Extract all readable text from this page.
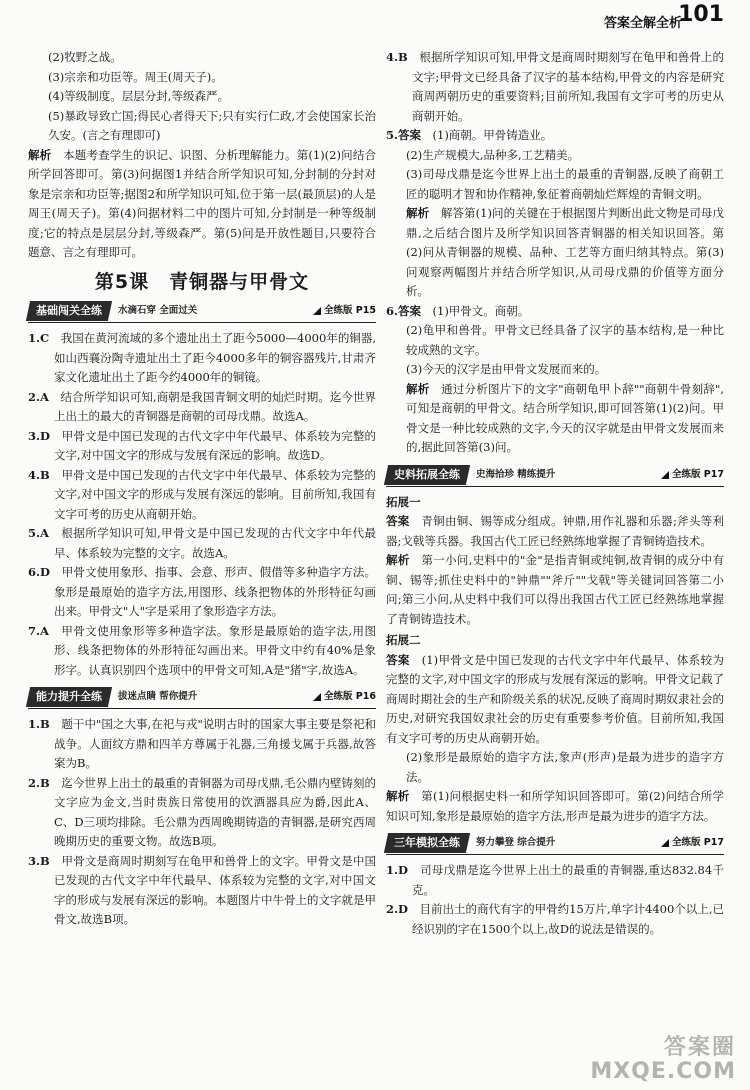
答案全解全析
101

(2)牧野之战。

(3)宗亲和功臣等。周王(周天子)。

(4)等级制度。层层分封,等级森严。

(5)暴政导致亡国;得民心者得天下;只有实行仁政,才会使国家长治久安。(言之有理即可)

解析　 本题考查学生的识记、识图、分析理解能力。第(1)(2)问结合所学回答即可。第(3)问据图1并结合所学知识可知,分封制的分封对象是宗亲和功臣等;据图2和所学知识可知,位于第一层(最顶层)的人是周王(周天子)。第(4)问据材料二中的图片可知,分封制是一种等级制度;它的特点是层层分封,等级森严。第(5)问是开放性题目,只要符合题意、言之有理即可。

第5课　青铜器与甲骨文
基础闯关全练	水滴石穿 全面过关	全练版 P15

1.C　 我国在黄河流域的多个遗址出土了距今5000—4000年的铜器,如山西襄汾陶寺遗址出土了距今4000多年的铜容器残片,甘肃齐家文化遗址出土了距今约4000年的铜镜。

2.A　 结合所学知识可知,商朝是我国青铜文明的灿烂时期。迄今世界上出土的最大的青铜器是商朝的司母戊鼎。故选A。

3.D　 甲骨文是中国已发现的古代文字中年代最早、体系较为完整的文字,对中国文字的形成与发展有深远的影响。故选D。

4.B　 甲骨文是中国已发现的古代文字中年代最早、体系较为完整的文字,对中国文字的形成与发展有深远的影响。目前所知,我国有文字可考的历史从商朝开始。

5.A　 根据所学知识可知,甲骨文是中国已发现的古代文字中年代最早、体系较为完整的文字。故选A。

6.D　 甲骨文使用象形、指事、会意、形声、假借等多种造字方法。象形是最原始的造字方法,用图形、线条把物体的外形特征勾画出来。甲骨文"人"字是采用了象形造字方法。

7.A　 甲骨文使用象形等多种造字法。象形是最原始的造字法,用图形、线条把物体的外形特征勾画出来。甲骨文中约有40%是象形字。认真识别四个选项中的甲骨文可知,A是"猪"字,故选A。

能力提升全练	拔迷点睛 帮你提升	全练版 P16

1.B　 题干中"国之大事,在祀与戎"说明古时的国家大事主要是祭祀和战争。人面纹方鼎和四羊方尊属于礼器,三角援戈属于兵器,故答案为B。

2.B　 迄今世界上出土的最重的青铜器为司母戊鼎,毛公鼎内壁铸刻的文字应为金文,当时贵族日常使用的饮酒器具应为爵,因此A、C、D三项均排除。毛公鼎为西周晚期铸造的青铜器,是研究西周晚期历史的重要文物。故选B项。

3.B　 甲骨文是商周时期刻写在龟甲和兽骨上的文字。甲骨文是中国已发现的古代文字中年代最早、体系较为完整的文字,对中国文字的形成与发展有深远的影响。本题图片中牛骨上的文字就是甲骨文,故选B项。

4.B　 根据所学知识可知,甲骨文是商周时期刻写在龟甲和兽骨上的文字;甲骨文已经具备了汉字的基本结构,甲骨文的内容是研究商周两朝历史的重要资料;目前所知,我国有文字可考的历史从商朝开始。

5.答案　 (1)商朝。甲骨铸造业。

(2)生产规模大,品种多,工艺精美。

(3)司母戊鼎是迄今世界上出土的最重的青铜器,反映了商朝工匠的聪明才智和协作精神,象征着商朝灿烂辉煌的青铜文明。

解析　 解答第(1)问的关键在于根据图片判断出此文物是司母戊鼎,之后结合图片及所学知识回答青铜器的相关知识回答。第(2)问从青铜器的规模、品种、工艺等方面归纳其特点。第(3)问观察两幅图片并结合所学知识,从司母戊鼎的价值等方面分析。

6.答案　 (1)甲骨文。商朝。

(2)龟甲和兽骨。甲骨文已经具备了汉字的基本结构,是一种比较成熟的文字。

(3)今天的汉字是由甲骨文发展而来的。

解析　 通过分析图片下的文字"商朝龟甲卜辞""商朝牛骨刻辞",可知是商朝的甲骨文。结合所学知识,即可回答第(1)(2)问。甲骨文是一种比较成熟的文字,今天的汉字就是由甲骨文发展而来的,据此回答第(3)问。

史料拓展全练	史海拾珍 精练提升	全练版 P17

拓展一

答案　 青铜由铜、锡等成分组成。钟鼎,用作礼器和乐器;斧头等利器;戈戟等兵器。我国古代工匠已经熟练地掌握了青铜铸造技术。

解析　 第一小问,史料中的"金"是指青铜或纯铜,故青铜的成分中有铜、锡等;抓住史料中的"钟鼎""斧斤""戈戟"等关键词回答第二小问;第三小问,从史料中我们可以得出我国古代工匠已经熟练地掌握了青铜铸造技术。

拓展二

答案　 (1)甲骨文是中国已发现的古代文字中年代最早、体系较为完整的文字,对中国文字的形成与发展有深远的影响。甲骨文记载了商周时期社会的生产和阶级关系的状况,反映了商周时期奴隶社会的历史,对研究我国奴隶社会的历史有重要参考价值。目前所知,我国有文字可考的历史从商朝开始。

(2)象形是最原始的造字方法,象声(形声)是最为进步的造字方法。

解析　 第(1)问根据史料一和所学知识回答即可。第(2)问结合所学知识可知,象形是最原始的造字方法,形声是最为进步的造字方法。

三年模拟全练	努力攀登 综合提升	全练版 P17

1.D　 司母戊鼎是迄今世界上出土的最重的青铜器,重达832.84千克。

2.D　 目前出土的商代有字的甲骨约15万片,单字计4400个以上,已经识别的字在1500个以上,故D的说法是错误的。

答案圈
MXQE.COM
